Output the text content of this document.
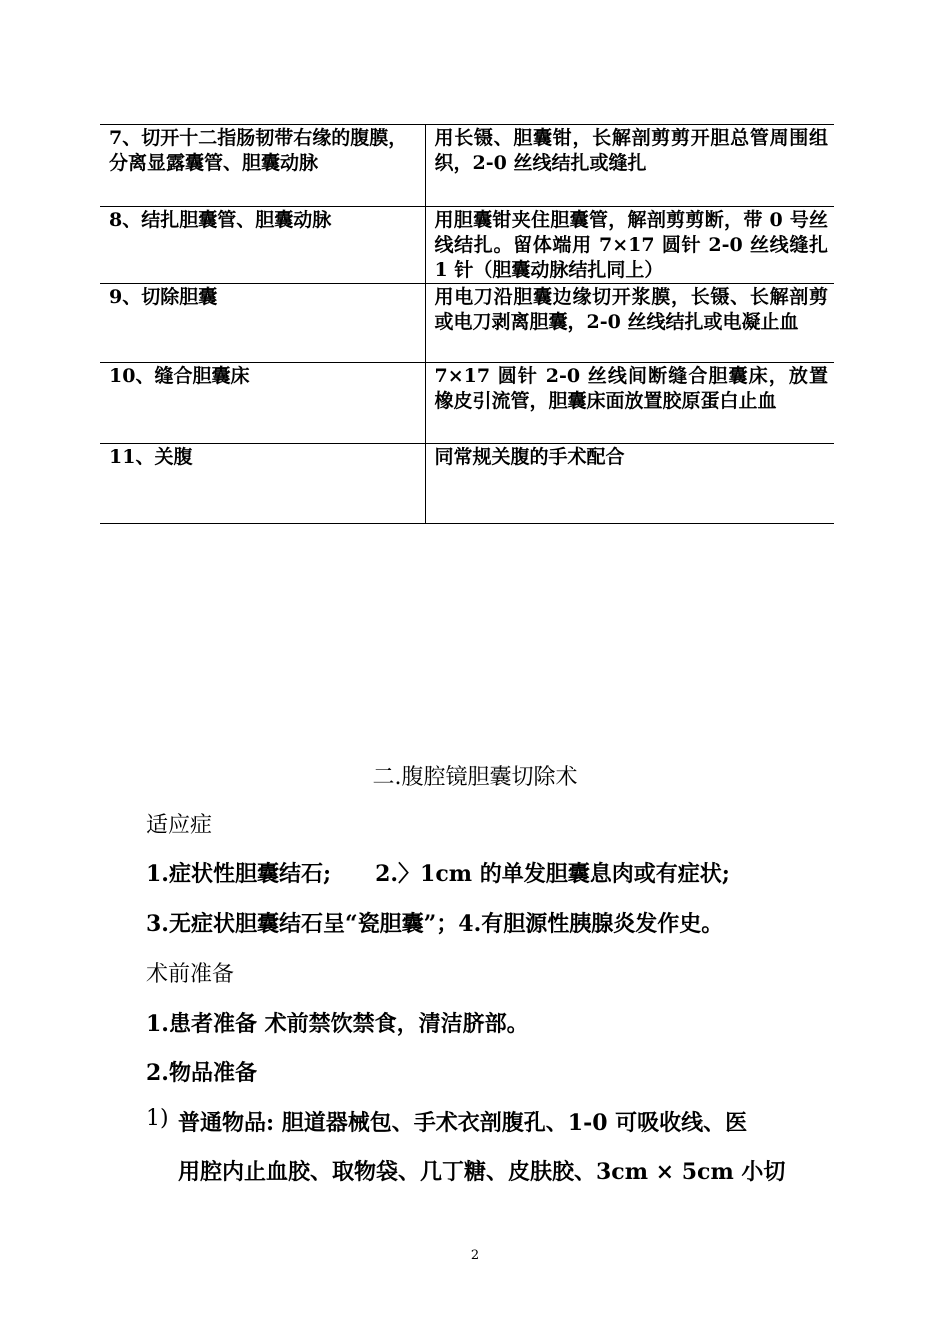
7、切开十二指肠韧带右缘的腹膜，分离显露囊管、胆囊动脉	用长镊、胆囊钳，长解剖剪剪开胆总管周围组织，2-0 丝线结扎或缝扎
8、结扎胆囊管、胆囊动脉	用胆囊钳夹住胆囊管，解剖剪剪断，带 0 号丝线结扎。留体端用 7×17 圆针 2-0 丝线缝扎 1 针（胆囊动脉结扎同上）
9、切除胆囊	用电刀沿胆囊边缘切开浆膜，长镊、长解剖剪或电刀剥离胆囊，2-0 丝线结扎或电凝止血
10、缝合胆囊床	7×17 圆针 2-0 丝线间断缝合胆囊床，放置橡皮引流管，胆囊床面放置胶原蛋白止血
11、关腹	同常规关腹的手术配合
二.腹腔镜胆囊切除术
适应症
1.症状性胆囊结石; 2.〉1cm 的单发胆囊息肉或有症状;
3.无症状胆囊结石呈“瓷胆囊”；4.有胆源性胰腺炎发作史。
术前准备
1.患者准备 术前禁饮禁食，清洁脐部。
2.物品准备
1) 普通物品: 胆道器械包、手术衣剖腹孔、1-0 可吸收线、医
用腔内止血胶、取物袋、几丁糖、皮肤胶、3cm × 5cm 小切
2
